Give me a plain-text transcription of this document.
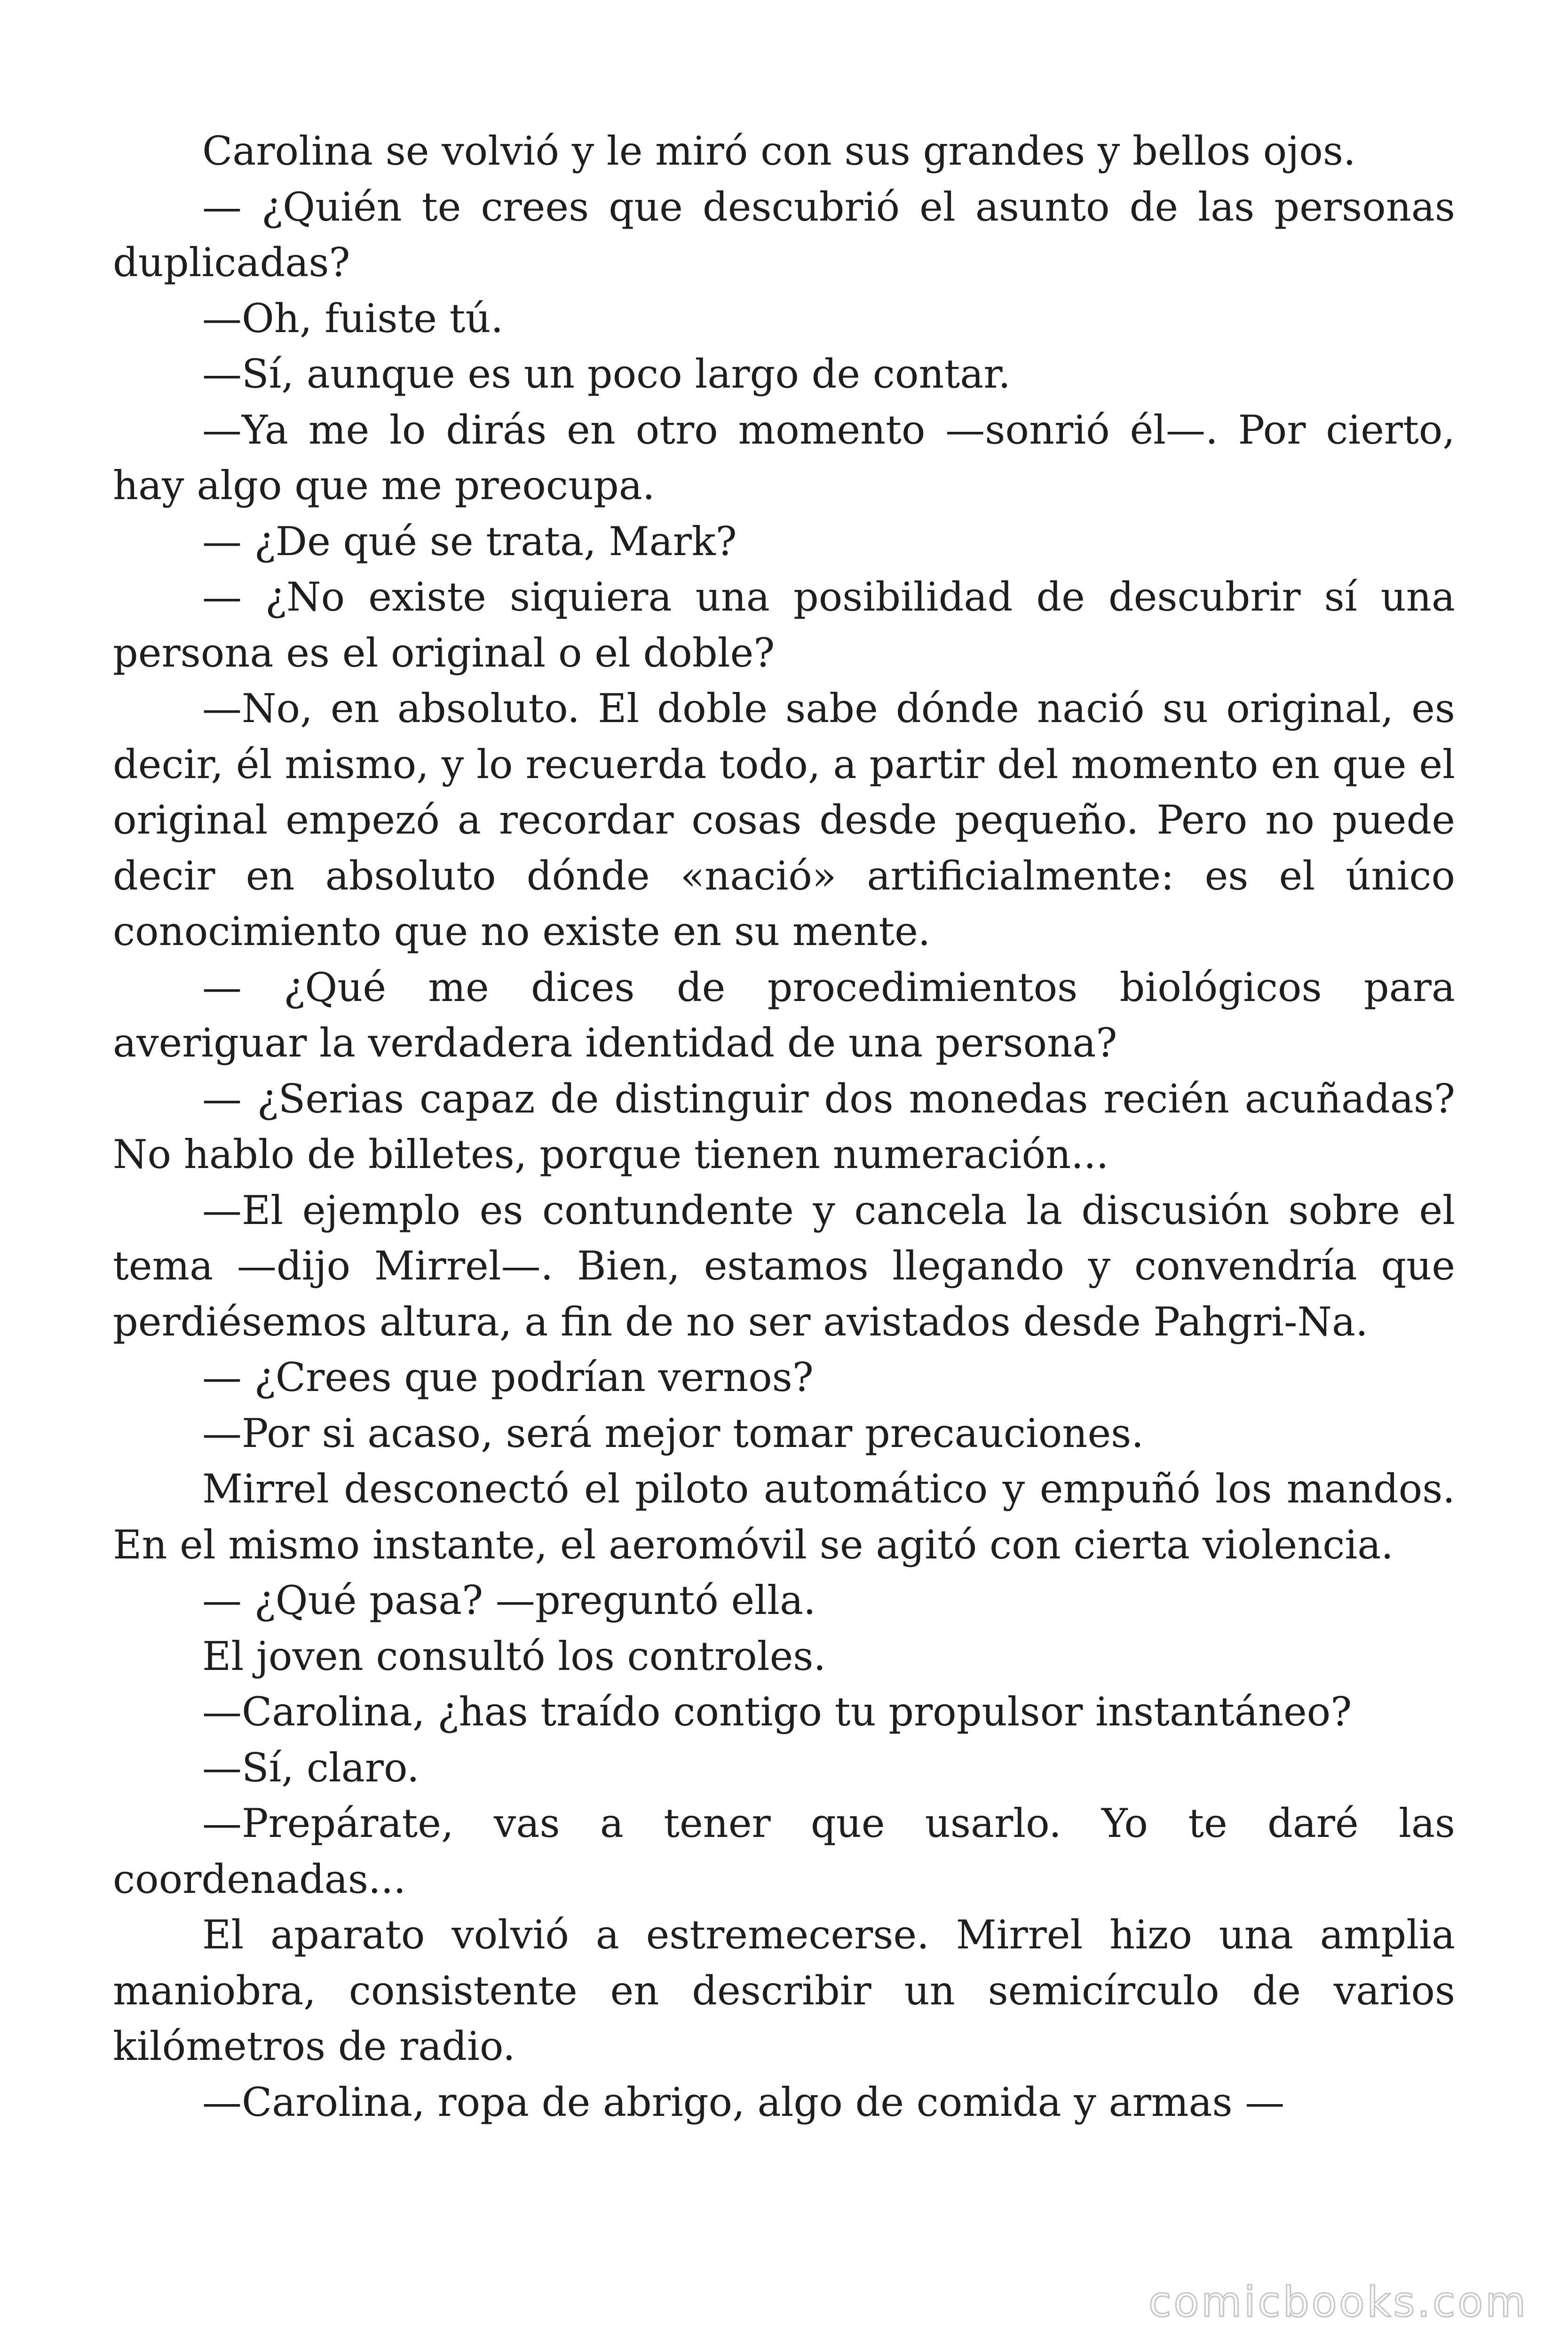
Carolina se volvió y le miró con sus grandes y bellos ojos.

— ¿Quién te crees que descubrió el asunto de las personas duplicadas?

—Oh, fuiste tú.

—Sí, aunque es un poco largo de contar.

—Ya me lo dirás en otro momento —sonrió él—. Por cierto, hay algo que me preocupa.

— ¿De qué se trata, Mark?

— ¿No existe siquiera una posibilidad de descubrir sí una persona es el original o el doble?

—No, en absoluto. El doble sabe dónde nació su original, es decir, él mismo, y lo recuerda todo, a partir del momento en que el original empezó a recordar cosas desde pequeño. Pero no puede decir en absoluto dónde «nació» artificialmente: es el único conocimiento que no existe en su mente.

— ¿Qué me dices de procedimientos biológicos para averiguar la verdadera identidad de una persona?

— ¿Serias capaz de distinguir dos monedas recién acuñadas? No hablo de billetes, porque tienen numeración...

—El ejemplo es contundente y cancela la discusión sobre el tema —dijo Mirrel—. Bien, estamos llegando y convendría que perdiésemos altura, a fin de no ser avistados desde Pahgri-Na.

— ¿Crees que podrían vernos?

—Por si acaso, será mejor tomar precauciones.

Mirrel desconectó el piloto automático y empuñó los mandos. En el mismo instante, el aeromóvil se agitó con cierta violencia.

— ¿Qué pasa? —preguntó ella.

El joven consultó los controles.

—Carolina, ¿has traído contigo tu propulsor instantáneo?

—Sí, claro.

—Prepárate, vas a tener que usarlo. Yo te daré las coordenadas...

El aparato volvió a estremecerse. Mirrel hizo una amplia maniobra, consistente en describir un semicírculo de varios kilómetros de radio.

—Carolina, ropa de abrigo, algo de comida y armas —

comicbooks.com
